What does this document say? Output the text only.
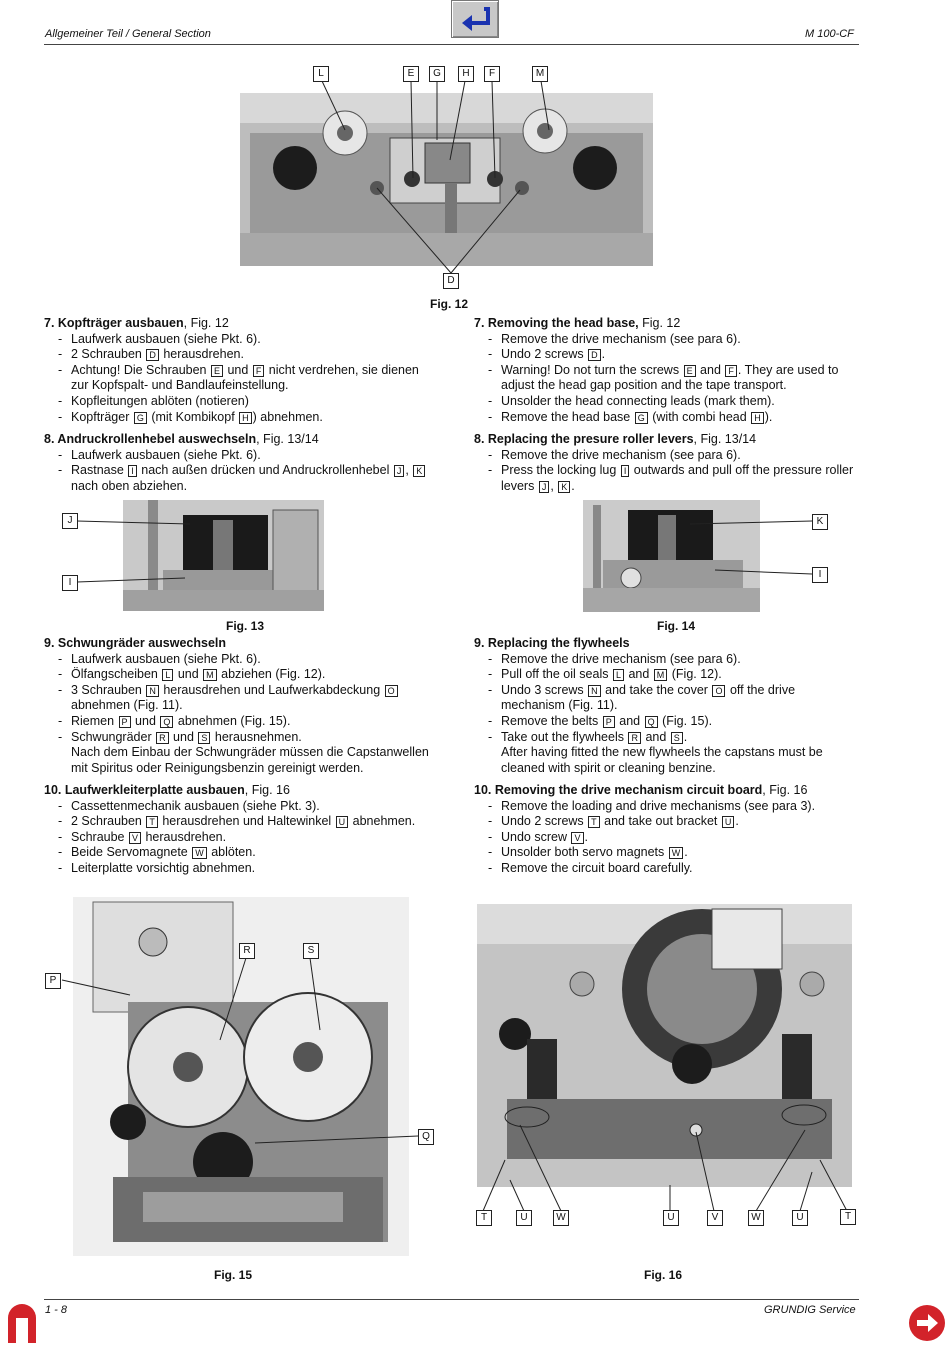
Allgemeiner Teil / General Section	M 100-CF
L	E	G	H	F	M
D
Fig. 12
7. Kopfträger ausbauen, Fig. 12
- Laufwerk ausbauen (siehe Pkt. 6).
- 2 Schrauben D herausdrehen.
- Achtung! Die Schrauben E und F nicht verdrehen, sie dienen zur Kopfspalt- und Bandlaufeinstellung.
- Kopfleitungen ablöten (notieren)
- Kopfträger G (mit Kombikopf H ) abnehmen.
8. Andruckrollenhebel auswechseln, Fig. 13/14
- Laufwerk ausbauen (siehe Pkt. 6).
- Rastnase I nach außen drücken und Andruckrollenhebel J , K nach oben abziehen.
J
I
Fig. 13
9. Schwungräder auswechseln
- Laufwerk ausbauen (siehe Pkt. 6).
- Ölfangscheiben L und M abziehen (Fig. 12).
- 3 Schrauben N herausdrehen und Laufwerkabdeckung O abnehmen (Fig. 11).
- Riemen P und Q abnehmen (Fig. 15).
- Schwungräder R und S herausnehmen.

Nach dem Einbau der Schwungräder müssen die Capstanwellen mit Spiritus oder Reinigungsbenzin gereinigt werden.

10. Laufwerkleiterplatte ausbauen, Fig. 16
- Cassettenmechanik ausbauen (siehe Pkt. 3).
- 2 Schrauben T herausdrehen und Haltewinkel U abnehmen.
- Schraube V herausdrehen.
- Beide Servomagnete W ablöten.
- Leiterplatte vorsichtig abnehmen.
7. Removing the head base, Fig. 12
- Remove the drive mechanism (see para 6).
- Undo 2 screws D .
- Warning! Do not turn the screws E and F . They are used to adjust the head gap position and the tape transport.
- Unsolder the head connecting leads (mark them).
- Remove the head base G (with combi head H ).
8. Replacing the presure roller levers, Fig. 13/14
- Remove the drive mechanism (see para 6).
- Press the locking lug I outwards and pull off the pressure roller levers J , K .
K
I
Fig. 14
9. Replacing the flywheels
- Remove the drive mechanism (see para 6).
- Pull off the oil seals L and M (Fig. 12).
- Undo 3 screws N and take the cover O off the drive mechanism (Fig. 11).
- Remove the belts P and Q (Fig. 15).
- Take out the flywheels R and S .

After having fitted the new flywheels the capstans must be cleaned with spirit or cleaning benzine.

10. Removing the drive mechanism circuit board, Fig. 16
- Remove the loading and drive mechanisms (see para 3).
- Undo 2 screws T and take out bracket U .
- Undo screw V .
- Unsolder both servo magnets W .
- Remove the circuit board carefully.
R	S
P
Q
Fig. 15
T	U	W	U	V	W	U	T
Fig. 16
1 - 8	GRUNDIG Service
